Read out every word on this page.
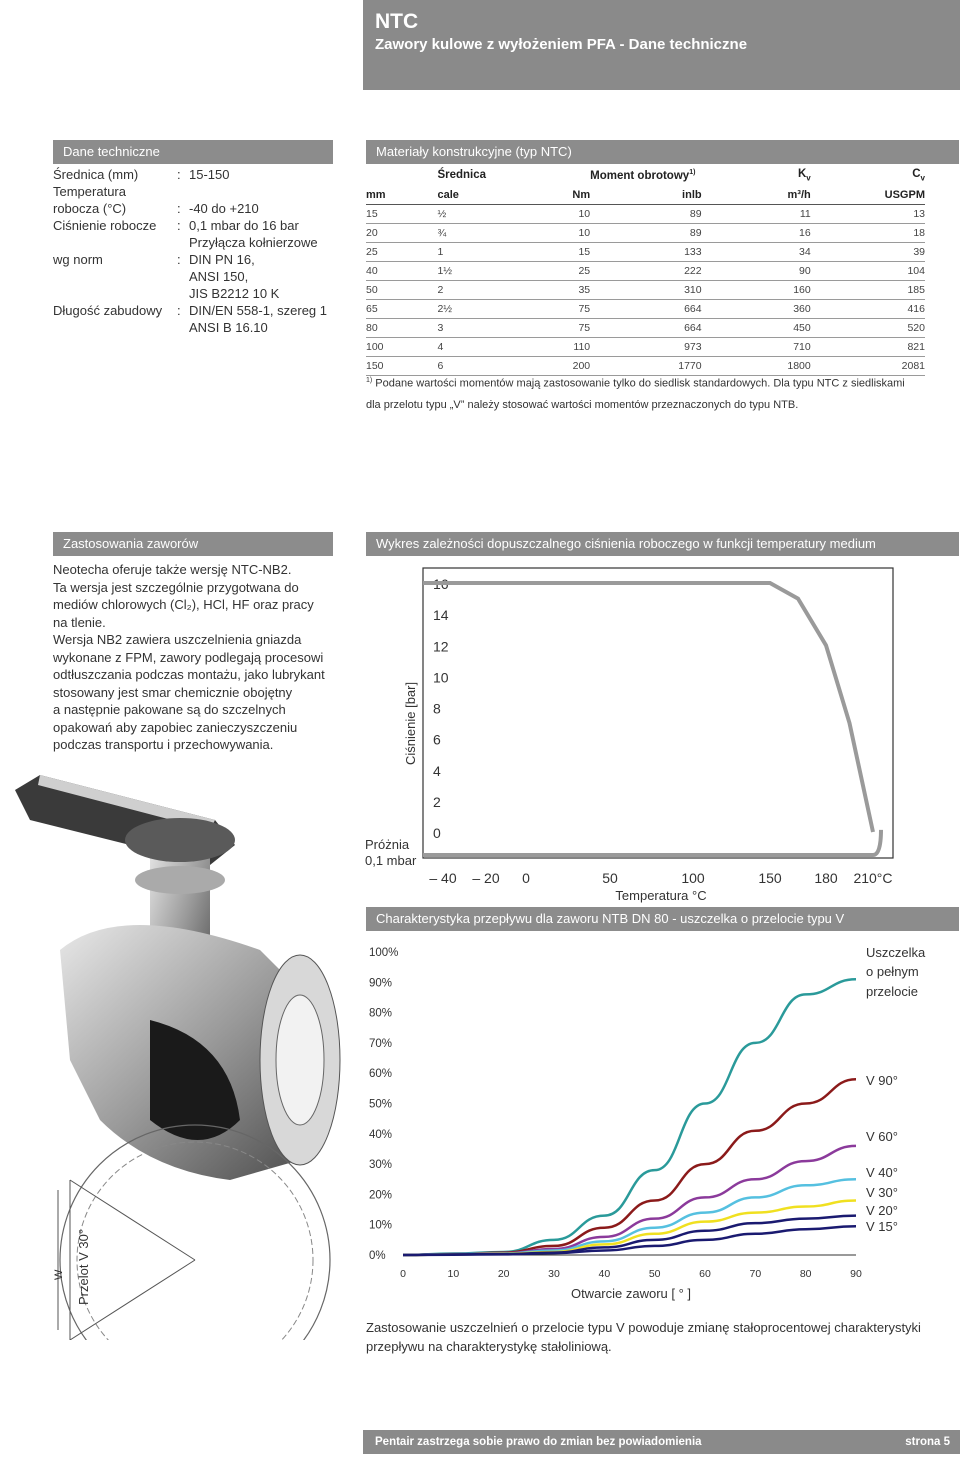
NTC
Zawory kulowe z wyłożeniem PFA - Dane techniczne
Dane techniczne
Średnica (mm)	: 15-150
Temperatura
robocza (°C)	: -40 do +210
Ciśnienie robocze : 0,1 mbar do 16 bar
Przyłącza kołnierzowe
wg norm	: DIN PN 16,
ANSI 150,
JIS B2212 10 K
Długość zabudowy : DIN/EN 558-1, szereg 1
ANSI B 16.10
Materiały konstrukcyjne (typ NTC)
	Średnica		Moment obrotowy$^{1)}$	$K_v$	$C_v$
mm	cale	Nm	inlb	m³/h	USGPM
15	½	10	89	11	13
20	¾	10	89	16	18
25	1	15	133	34	39
40	1½	25	222	90	104
50	2	35	310	160	185
65	2½	75	664	360	416
80	3	75	664	450	520
100	4	110	973	710	821
150	6	200	1770	1800	2081
$^{1)}$ Podane wartości momentów mają zastosowanie tylko do siedlisk standardowych. Dla typu NTC z siedliskami
dla przelotu typu „V” należy stosować wartości momentów przeznaczonych do typu NTB.
Zastosowania zaworów
Neotecha oferuje także wersję NTC-NB2.
Ta wersja jest szczególnie przygotwana do
mediów chlorowych (Cl₂), HCl, HF oraz pracy
na tlenie.
Wersja NB2 zawiera uszczelnienia gniazda
wykonane z FPM, zawory podlegają procesowi
odtłuszczania podczas montażu, jako lubrykant
stosowany jest smar chemicznie obojętny
a następnie pakowane są do szczelnych
opakowań aby zapobiec zanieczyszczeniu
podczas transportu i przechowywania.
Przelot V 30°
W
Wykres zależności dopuszczalnego ciśnienia roboczego w funkcji temperatury medium
Ciśnienie [bar]
Próżnia
0,1 mbar
Temperatura °C
16
14
12
10
8
6
4
2
0
– 40 – 20 0	50	100	150 180 210°C
Charakterystyka przepływu dla zaworu NTB DN 80 - uszczelka o przelocie typu V
Otwarcie zaworu [ ° ]
100%
90%
80%
70%
60%
50%
40%
30%
20%
10%
0%
0	10	20	30	40	50	60	70	80	90
Uszczelka
o pełnym
przelocie
V 90°
V 60°
V 40°
V 30°
V 20°
V 15°
Zastosowanie uszczelnień o przelocie typu V powoduje zmianę stałoprocentowej charakterystyki
przepływu na charakterystykę stałoliniową.
Pentair zastrzega sobie prawo do zmian bez powiadomienia	strona 5
